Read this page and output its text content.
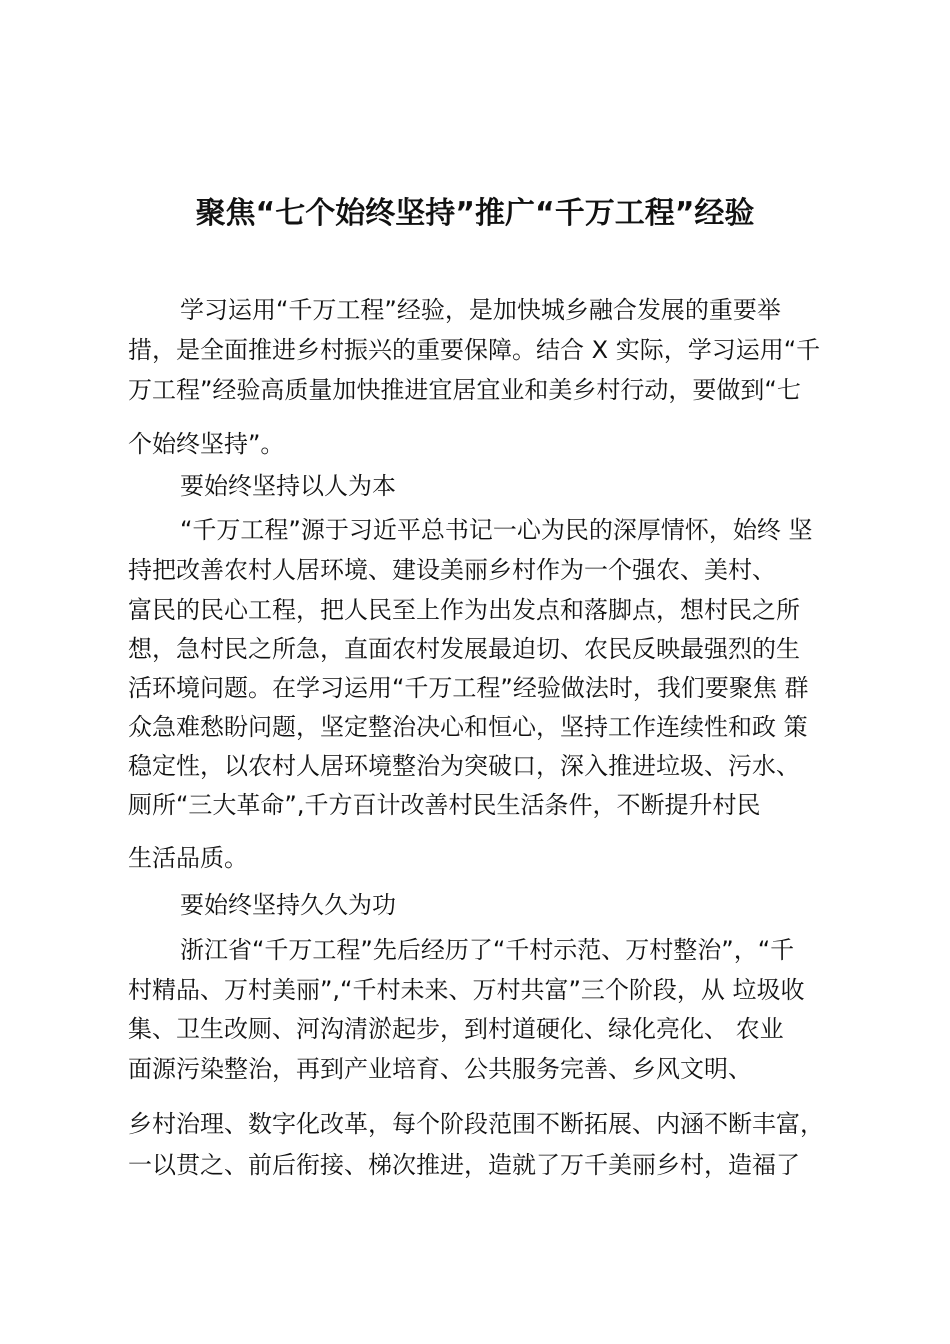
聚焦“七个始终坚持”推广“千万工程”经验
学习运用“千万工程”经验，是加快城乡融合发展的重要举
措，是全面推进乡村振兴的重要保障。结合 X 实际，学习运用“千
万工程”经验高质量加快推进宜居宜业和美乡村行动，要做到“七
个始终坚持”。
要始终坚持以人为本
“千万工程”源于习近平总书记一心为民的深厚情怀，始终 坚
持把改善农村人居环境、建设美丽乡村作为一个强农、美村、
富民的民心工程，把人民至上作为出发点和落脚点，想村民之所
想，急村民之所急，直面农村发展最迫切、农民反映最强烈的生
活环境问题。在学习运用“千万工程”经验做法时，我们要聚焦 群
众急难愁盼问题，坚定整治决心和恒心，坚持工作连续性和政 策
稳定性，以农村人居环境整治为突破口，深入推进垃圾、污水、
厕所“三大革命”,千方百计改善村民生活条件，不断提升村民
生活品质。
要始终坚持久久为功
浙江省“千万工程”先后经历了“千村示范、万村整治”，“千
村精品、万村美丽”,“千村未来、万村共富”三个阶段，从 垃圾收
集、卫生改厕、河沟清淤起步，到村道硬化、绿化亮化、 农业
面源污染整治，再到产业培育、公共服务完善、乡风文明、
乡村治理、数字化改革，每个阶段范围不断拓展、内涵不断丰富，
一以贯之、前后衔接、梯次推进，造就了万千美丽乡村，造福了
